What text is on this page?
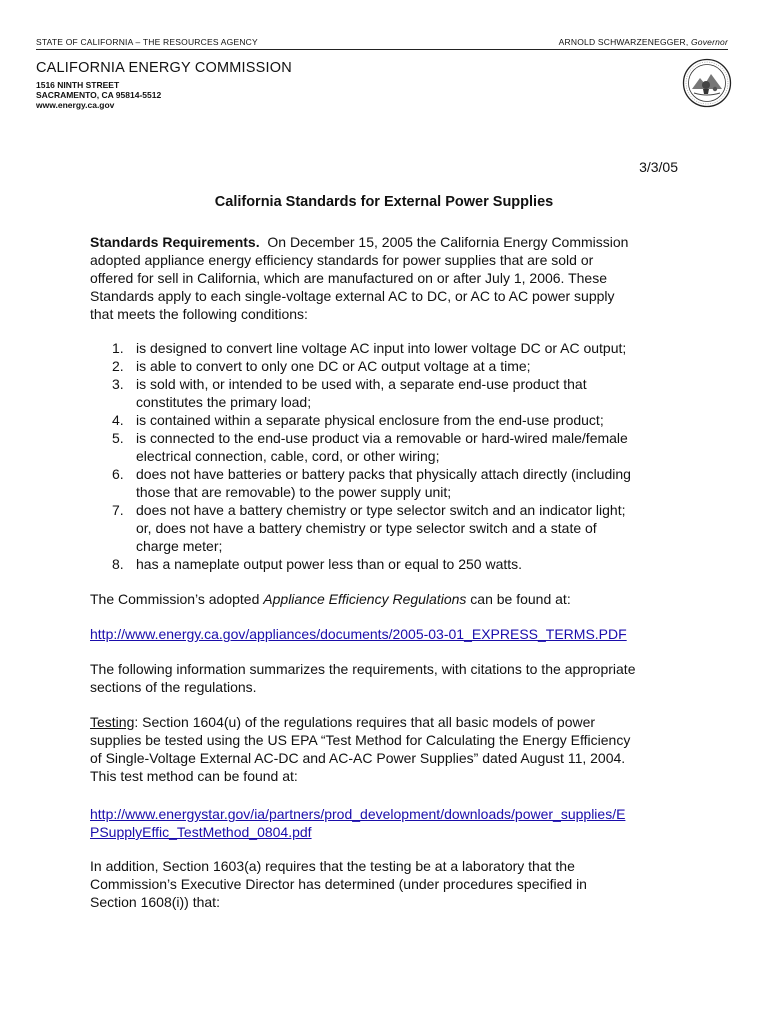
STATE OF CALIFORNIA – THE RESOURCES AGENCY	ARNOLD SCHWARZENEGGER, Governor
CALIFORNIA ENERGY COMMISSION
1516 NINTH STREET
SACRAMENTO, CA 95814-5512
www.energy.ca.gov
3/3/05
California Standards for External Power Supplies
Standards Requirements. On December 15, 2005 the California Energy Commission
adopted appliance energy efficiency standards for power supplies that are sold or
offered for sell in California, which are manufactured on or after July 1, 2006. These
Standards apply to each single-voltage external AC to DC, or AC to AC power supply
that meets the following conditions:
1. is designed to convert line voltage AC input into lower voltage DC or AC output;
2. is able to convert to only one DC or AC output voltage at a time;
3. is sold with, or intended to be used with, a separate end-use product that
constitutes the primary load;
4. is contained within a separate physical enclosure from the end-use product;
5. is connected to the end-use product via a removable or hard-wired male/female
electrical connection, cable, cord, or other wiring;
6. does not have batteries or battery packs that physically attach directly (including
those that are removable) to the power supply unit;
7. does not have a battery chemistry or type selector switch and an indicator light;
or, does not have a battery chemistry or type selector switch and a state of
charge meter;
8. has a nameplate output power less than or equal to 250 watts.
The Commission’s adopted Appliance Efficiency Regulations can be found at:
http://www.energy.ca.gov/appliances/documents/2005-03-01_EXPRESS_TERMS.PDF
The following information summarizes the requirements, with citations to the appropriate
sections of the regulations.
Testing: Section 1604(u) of the regulations requires that all basic models of power
supplies be tested using the US EPA “Test Method for Calculating the Energy Efficiency
of Single-Voltage External AC-DC and AC-AC Power Supplies” dated August 11, 2004.
This test method can be found at:
http://www.energystar.gov/ia/partners/prod_development/downloads/power_supplies/E
PSupplyEffic_TestMethod_0804.pdf
In addition, Section 1603(a) requires that the testing be at a laboratory that the
Commission’s Executive Director has determined (under procedures specified in
Section 1608(i)) that:
